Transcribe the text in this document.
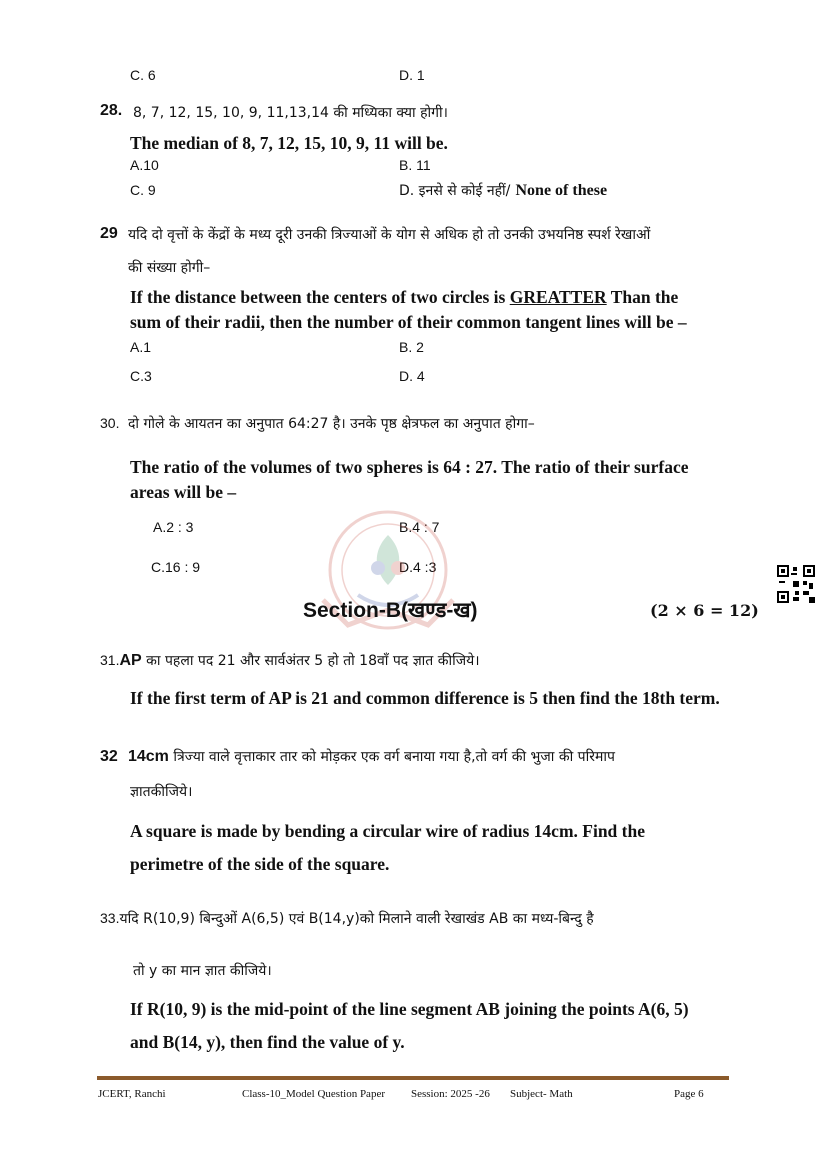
C. 6	D. 1
28. 8, 7, 12, 15, 10, 9, 11,13,14 की मध्यिका क्या होगी।
The median of 8, 7, 12, 15, 10, 9, 11 will be.
A.10	B. 11
C. 9	D. इनसे से कोई नहीं/ None of these
29 यदि दो वृत्तों के केंद्रों के मध्य दूरी उनकी त्रिज्याओं के योग से अधिक हो तो उनकी उभयनिष्ठ स्पर्श रेखाओं
की संख्या होगी–
If the distance between the centers of two circles is GREATTER Than the
sum of their radii, then the number of their common tangent lines will be –
A.1	B. 2
C.3	D. 4
30. दो गोले के आयतन का अनुपात 64:27 है। उनके पृष्ठ क्षेत्रफल का अनुपात होगा–
The ratio of the volumes of two spheres is 64 : 27. The ratio of their surface
areas will be –
A.2 : 3	B.4 : 7
C.16 : 9	D.4 :3
Section-B(खण्ड-ख)	(2 × 6 = 12)
31.AP का पहला पद 21 और सार्वअंतर 5 हो तो 18वाँ पद ज्ञात कीजिये।
If the first term of AP is 21 and common difference is 5 then find the 18th term.
32 14cm त्रिज्या वाले वृत्ताकार तार को मोड़कर एक वर्ग बनाया गया है,तो वर्ग की भुजा की परिमाप
ज्ञातकीजिये।
A square is made by bending a circular wire of radius 14cm. Find the
perimetre of the side of the square.
33.यदि R(10,9) बिन्दुओं A(6,5) एवं B(14,y)को मिलाने वाली रेखाखंड AB का मध्य-बिन्दु है
तो y का मान ज्ञात कीजिये।
If R(10, 9) is the mid-point of the line segment AB joining the points A(6, 5)
and B(14, y), then find the value of y.
JCERT, Ranchi	Class-10_Model Question Paper Session: 2025 -26 Subject- Math	Page 6
